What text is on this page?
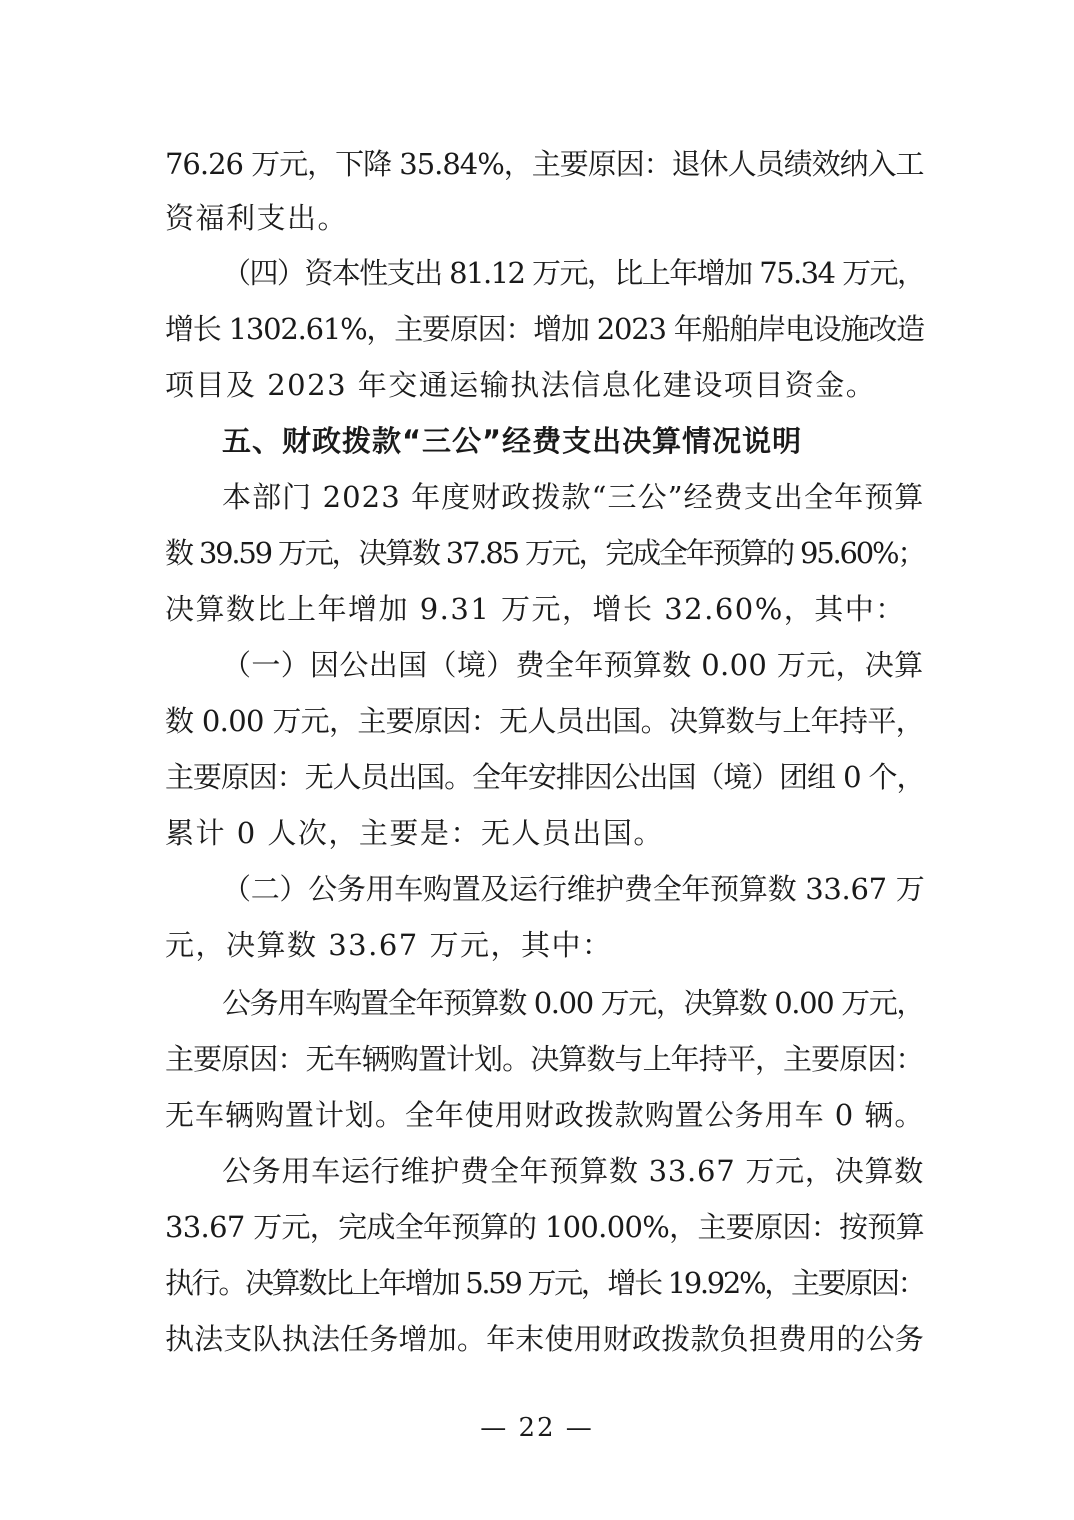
76.26 万元，下降 35.84%，主要原因：退休人员绩效纳入工
资福利支出。
（四）资本性支出 81.12 万元，比上年增加 75.34 万元，
增长 1302.61%，主要原因：增加 2023 年船舶岸电设施改造
项目及 2023 年交通运输执法信息化建设项目资金。
五、财政拨款“三公”经费支出决算情况说明
本部门 2023 年度财政拨款“三公”经费支出全年预算
数 39.59 万元，决算数 37.85 万元，完成全年预算的 95.60%；
决算数比上年增加 9.31 万元，增长 32.60%，其中：
（一）因公出国（境）费全年预算数 0.00 万元，决算
数 0.00 万元，主要原因：无人员出国。决算数与上年持平，
主要原因：无人员出国。全年安排因公出国（境）团组 0 个，
累计 0 人次，主要是：无人员出国。
（二）公务用车购置及运行维护费全年预算数 33.67 万
元，决算数 33.67 万元，其中：
公务用车购置全年预算数 0.00 万元，决算数 0.00 万元，
主要原因：无车辆购置计划。决算数与上年持平，主要原因：
无车辆购置计划。全年使用财政拨款购置公务用车 0 辆。
公务用车运行维护费全年预算数 33.67 万元，决算数
33.67 万元，完成全年预算的 100.00%，主要原因：按预算
执行。决算数比上年增加 5.59 万元，增长 19.92%，主要原因：
执法支队执法任务增加。年末使用财政拨款负担费用的公务
— 22 —
